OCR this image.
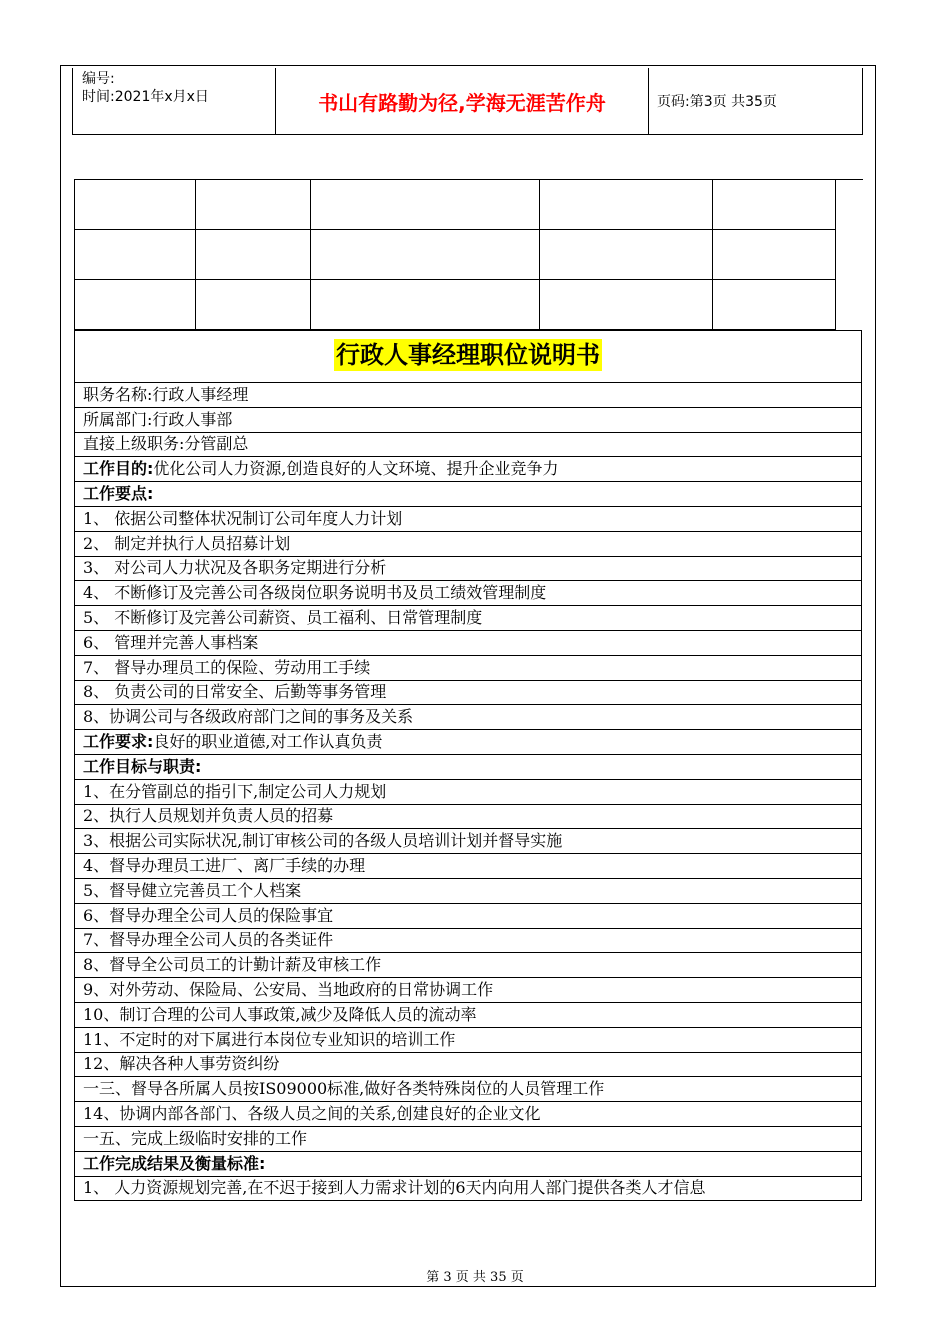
编号:
时间:2021年x月x日	书山有路勤为径,学海无涯苦作舟	页码:第3页 共35页

行政人事经理职位说明书
职务名称:行政人事经理
所属部门:行政人事部
直接上级职务:分管副总
工作目的:优化公司人力资源,创造良好的人文环境、提升企业竞争力
工作要点:
1、 依据公司整体状况制订公司年度人力计划
2、 制定并执行人员招募计划
3、 对公司人力状况及各职务定期进行分析
4、 不断修订及完善公司各级岗位职务说明书及员工绩效管理制度
5、 不断修订及完善公司薪资、员工福利、日常管理制度
6、 管理并完善人事档案
7、 督导办理员工的保险、劳动用工手续
8、 负责公司的日常安全、后勤等事务管理
8、协调公司与各级政府部门之间的事务及关系
工作要求:良好的职业道德,对工作认真负责
工作目标与职责:
1、在分管副总的指引下,制定公司人力规划
2、执行人员规划并负责人员的招募
3、根据公司实际状况,制订审核公司的各级人员培训计划并督导实施
4、督导办理员工进厂、离厂手续的办理
5、督导健立完善员工个人档案
6、督导办理全公司人员的保险事宜
7、督导办理全公司人员的各类证件
8、督导全公司员工的计勤计薪及审核工作
9、对外劳动、保险局、公安局、当地政府的日常协调工作
10、制订合理的公司人事政策,减少及降低人员的流动率
11、不定时的对下属进行本岗位专业知识的培训工作
12、解决各种人事劳资纠纷
一三、督导各所属人员按IS09000标准,做好各类特殊岗位的人员管理工作
14、协调内部各部门、各级人员之间的关系,创建良好的企业文化
一五、完成上级临时安排的工作
工作完成结果及衡量标准:
1、 人力资源规划完善,在不迟于接到人力需求计划的6天内向用人部门提供各类人才信息
第 3 页 共 35 页
